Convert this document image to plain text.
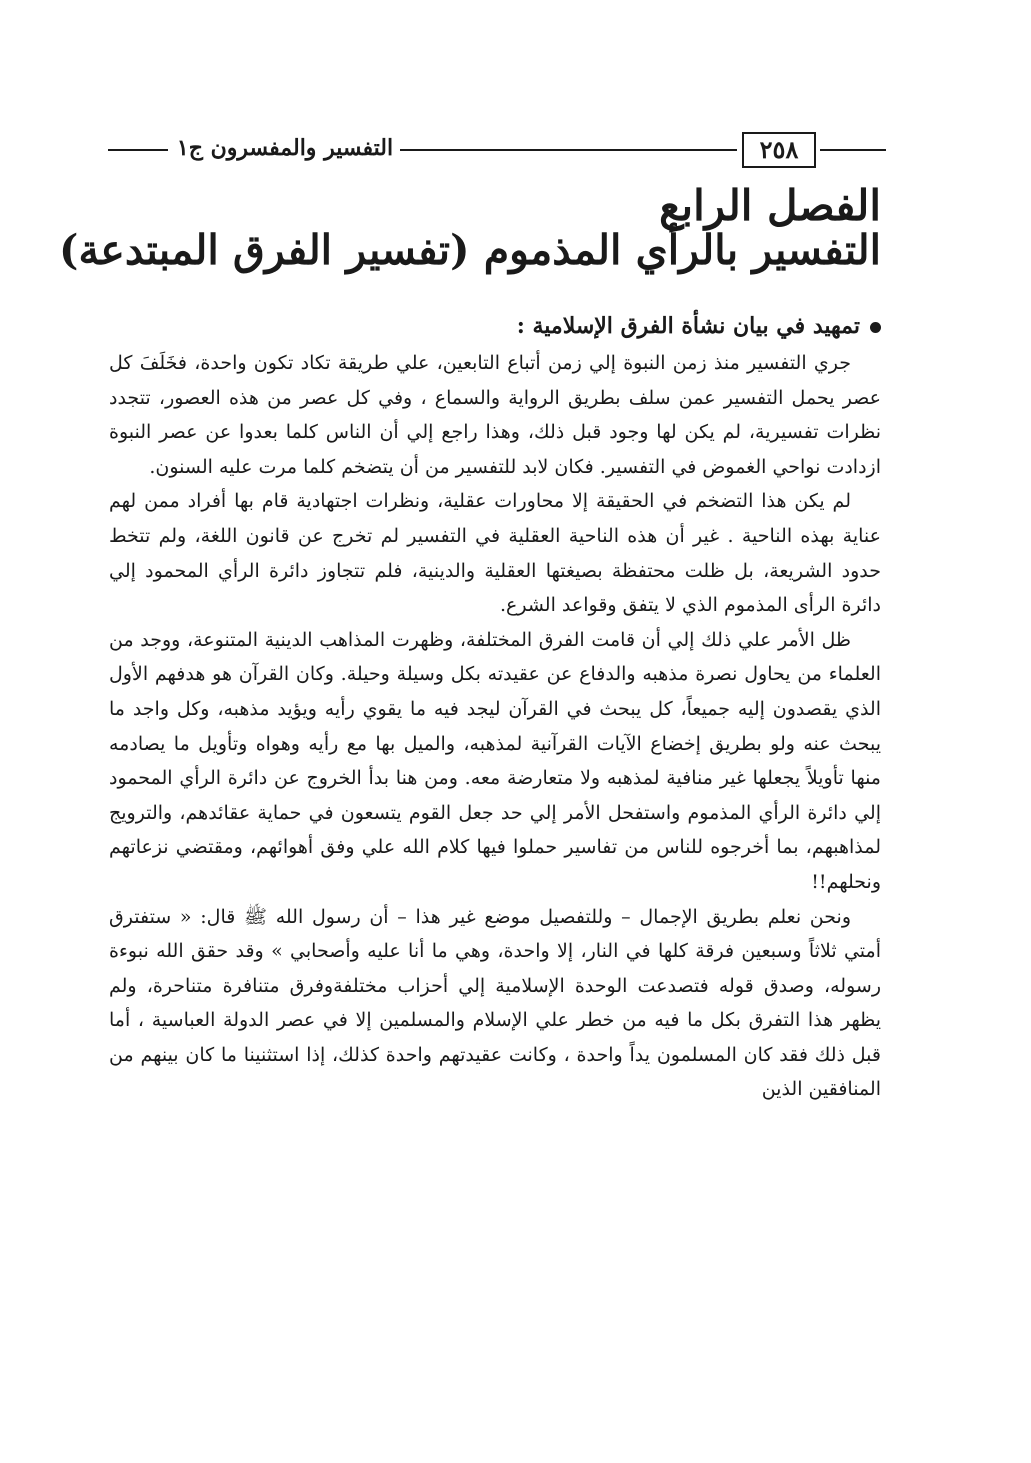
التفسير والمفسرون ج١	٢٥٨
الفصل الرابع
التفسير بالرأي المذموم (تفسير الفرق المبتدعة)
تمهيد في بيان نشأة الفرق الإسلامية :

جري التفسير منذ زمن النبوة إلي زمن أتباع التابعين، علي طريقة تكاد تكون واحدة، فخَلَفَ كل عصر يحمل التفسير عمن سلف بطريق الرواية والسماع ، وفي كل عصر من هذه العصور، تتجدد نظرات تفسيرية، لم يكن لها وجود قبل ذلك، وهذا راجع إلي أن الناس كلما بعدوا عن عصر النبوة ازدادت نواحي الغموض في التفسير. فكان لابد للتفسير من أن يتضخم كلما مرت عليه السنون.

لم يكن هذا التضخم في الحقيقة إلا محاورات عقلية، ونظرات اجتهادية قام بها أفراد ممن لهم عناية بهذه الناحية . غير أن هذه الناحية العقلية في التفسير لم تخرج عن قانون اللغة، ولم تتخط حدود الشريعة، بل ظلت محتفظة بصيغتها العقلية والدينية، فلم تتجاوز دائرة الرأي المحمود إلي دائرة الرأى المذموم الذي لا يتفق وقواعد الشرع.

ظل الأمر علي ذلك إلي أن قامت الفرق المختلفة، وظهرت المذاهب الدينية المتنوعة، ووجد من العلماء من يحاول نصرة مذهبه والدفاع عن عقيدته بكل وسيلة وحيلة. وكان القرآن هو هدفهم الأول الذي يقصدون إليه جميعاً، كل يبحث في القرآن ليجد فيه ما يقوي رأيه ويؤيد مذهبه، وكل واجد ما يبحث عنه ولو بطريق إخضاع الآيات القرآنية لمذهبه، والميل بها مع رأيه وهواه وتأويل ما يصادمه منها تأويلاً يجعلها غير منافية لمذهبه ولا متعارضة معه. ومن هنا بدأ الخروج عن دائرة الرأي المحمود إلي دائرة الرأي المذموم واستفحل الأمر إلي حد جعل القوم يتسعون في حماية عقائدهم، والترويج لمذاهبهم، بما أخرجوه للناس من تفاسير حملوا فيها كلام الله علي وفق أهوائهم، ومقتضي نزعاتهم ونحلهم!!

ونحن نعلم بطريق الإجمال – وللتفصيل موضع غير هذا – أن رسول الله ﷺ قال: « ستفترق أمتي ثلاثاً وسبعين فرقة كلها في النار، إلا واحدة، وهي ما أنا عليه وأصحابي » وقد حقق الله نبوءة رسوله، وصدق قوله فتصدعت الوحدة الإسلامية إلي أحزاب مختلفةوفرق متنافرة متناحرة، ولم يظهر هذا التفرق بكل ما فيه من خطر علي الإسلام والمسلمين إلا في عصر الدولة العباسية ، أما قبل ذلك فقد كان المسلمون يداً واحدة ، وكانت عقيدتهم واحدة كذلك، إذا استثنينا ما كان بينهم من المنافقين الذين
